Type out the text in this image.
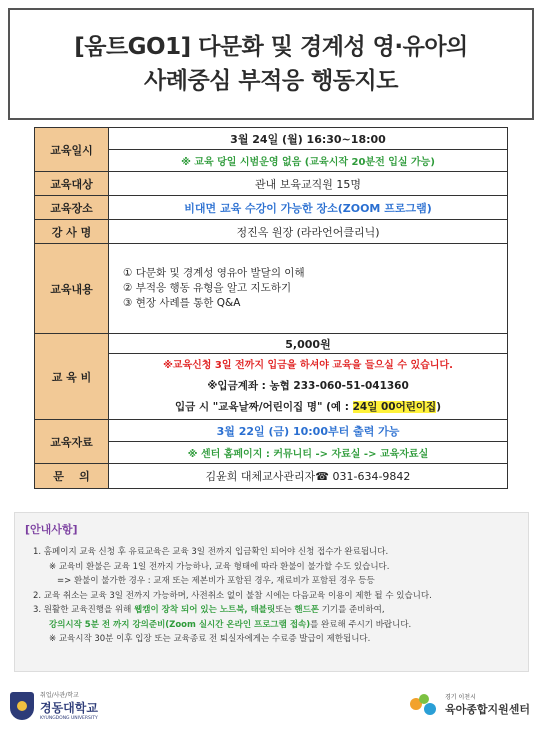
[움트GO1] 다문화 및 경계성 영·유아의
사례중심 부적응 행동지도
교육일시	3월 24일 (월) 16:30~18:00
	※ 교육 당일 시범운영 없음 (교육시작 20분전 입실 가능)
교육대상	관내 보육교직원 15명
교육장소	비대면 교육 수강이 가능한 장소(ZOOM 프로그램)
강 사 명	정진옥 원장 (라라언어클리닉)
교육내용	① 다문화 및 경계성 영유아 발달의 이해
② 부적응 행동 유형을 알고 지도하기
③ 현장 사례를 통한 Q&A

교 육 비	5,000원

	※교육신청 3일 전까지 입금을 하셔야 교육을 들으실 수 있습니다.
※입금계좌 : 농협 233-060-51-041360
입금 시 "교육날짜/어린이집 명" (예 : 24일 00어린이집)

교육자료	3월 22일 (금) 10:00부터 출력 가능
	※ 센터 홈페이지 : 커뮤니티 -> 자료실 -> 교육자료실
문    의	김윤희 대체교사관리자☎ 031-634-9842
[안내사항]
1. 홈페이지 교육 신청 후 유료교육은 교육 3일 전까지 입금확인 되어야 신청 접수가 완료됩니다.
※ 교육비 환불은 교육 1일 전까지 가능하나, 교육 형태에 따라 환불이 불가할 수도 있습니다.
=> 환불이 불가한 경우 : 교재 또는 제본비가 포함된 경우, 재료비가 포함된 경우 등등
2. 교육 취소는 교육 3일 전까지 가능하며, 사전취소 없이 불참 시에는 다음교육 이용이 제한 될 수 있습니다.
3. 원활한 교육진행을 위해 웹캠이 장착 되어 있는 노트북, 태블릿또는 핸드폰 기기를 준비하여,
강의시작 5분 전 까지 강의준비(Zoom 실시간 온라인 프로그램 접속)를 완료해 주시기 바랍니다.
※ 교육시작 30분 이후 입장 또는 교육종료 전 퇴실자에게는 수료증 발급이 제한됩니다.
취업/사관/학교
경동대학교
KYUNGDONG UNIVERSITY
경기 이천시
육아종합지원센터
